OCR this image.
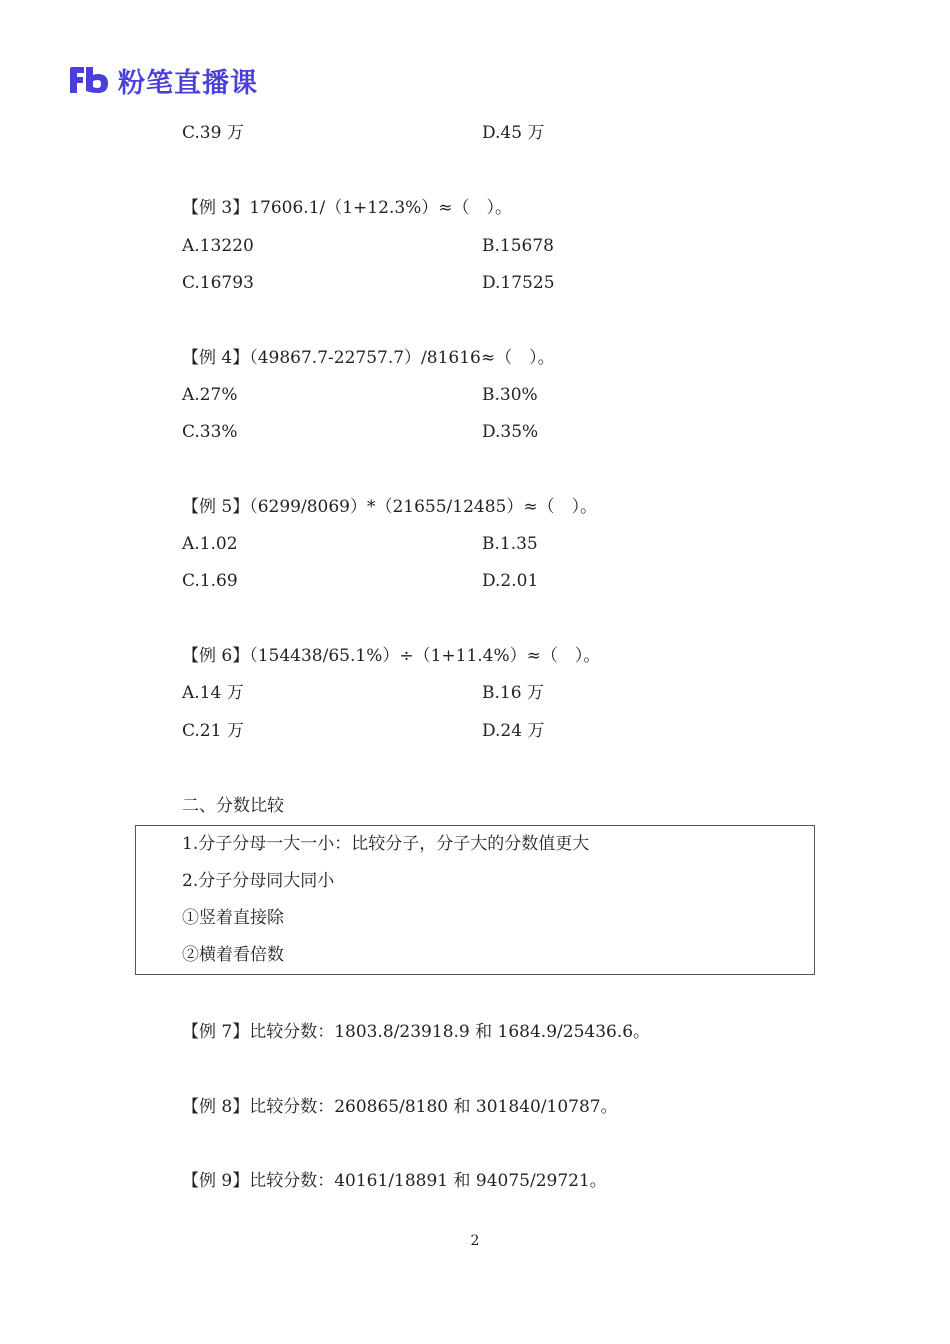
粉笔直播课
C.39 万	D.45 万
【例 3】17606.1/（1+12.3%）≈（　）。
A.13220	B.15678
C.16793	D.17525
【例 4】（49867.7-22757.7）/81616≈（　）。
A.27%	B.30%
C.33%	D.35%
【例 5】（6299/8069）*（21655/12485）≈（　）。
A.1.02	B.1.35
C.1.69	D.2.01
【例 6】（154438/65.1%）÷（1+11.4%）≈（　）。
A.14 万	B.16 万
C.21 万	D.24 万
二、分数比较
1.分子分母一大一小：比较分子，分子大的分数值更大
2.分子分母同大同小
①竖着直接除
②横着看倍数
【例 7】比较分数：1803.8/23918.9 和 1684.9/25436.6。
【例 8】比较分数：260865/8180 和 301840/10787。
【例 9】比较分数：40161/18891 和 94075/29721。
2
